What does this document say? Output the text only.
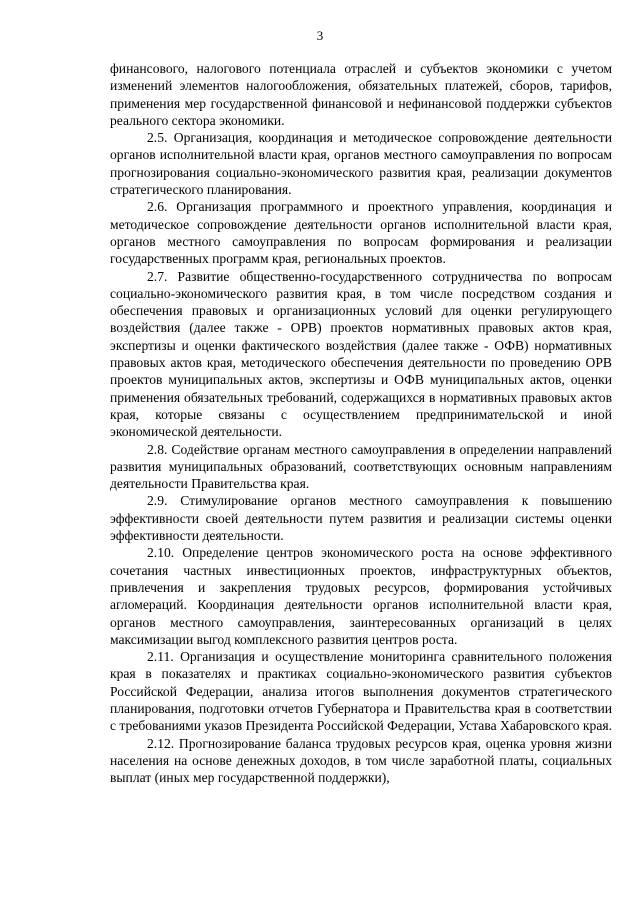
3

финансового, налогового потенциала отраслей и субъектов экономики с учетом изменений элементов налогообложения, обязательных платежей, сборов, тарифов, применения мер государственной финансовой и нефинансовой поддержки субъектов реального сектора экономики.

2.5. Организация, координация и методическое сопровождение деятельности органов исполнительной власти края, органов местного самоуправления по вопросам прогнозирования социально-экономического развития края, реализации документов стратегического планирования.

2.6. Организация программного и проектного управления, координация и методическое сопровождение деятельности органов исполнительной власти края, органов местного самоуправления по вопросам формирования и реализации государственных программ края, региональных проектов.

2.7. Развитие общественно-государственного сотрудничества по вопросам социально-экономического развития края, в том числе посредством создания и обеспечения правовых и организационных условий для оценки регулирующего воздействия (далее также - ОРВ) проектов нормативных правовых актов края, экспертизы и оценки фактического воздействия (далее также - ОФВ) нормативных правовых актов края, методического обеспечения деятельности по проведению ОРВ проектов муниципальных актов, экспертизы и ОФВ муниципальных актов, оценки применения обязательных требований, содержащихся в нормативных правовых актов края, которые связаны с осуществлением предпринимательской и иной экономической деятельности.

2.8. Содействие органам местного самоуправления в определении направлений развития муниципальных образований, соответствующих основным направлениям деятельности Правительства края.

2.9. Стимулирование органов местного самоуправления к повышению эффективности своей деятельности путем развития и реализации системы оценки эффективности деятельности.

2.10. Определение центров экономического роста на основе эффективного сочетания частных инвестиционных проектов, инфраструктурных объектов, привлечения и закрепления трудовых ресурсов, формирования устойчивых агломераций. Координация деятельности органов исполнительной власти края, органов местного самоуправления, заинтересованных организаций в целях максимизации выгод комплексного развития центров роста.

2.11. Организация и осуществление мониторинга сравнительного положения края в показателях и практиках социально-экономического развития субъектов Российской Федерации, анализа итогов выполнения документов стратегического планирования, подготовки отчетов Губернатора и Правительства края в соответствии с требованиями указов Президента Российской Федерации, Устава Хабаровского края.

2.12. Прогнозирование баланса трудовых ресурсов края, оценка уровня жизни населения на основе денежных доходов, в том числе заработной платы, социальных выплат (иных мер государственной поддержки),
